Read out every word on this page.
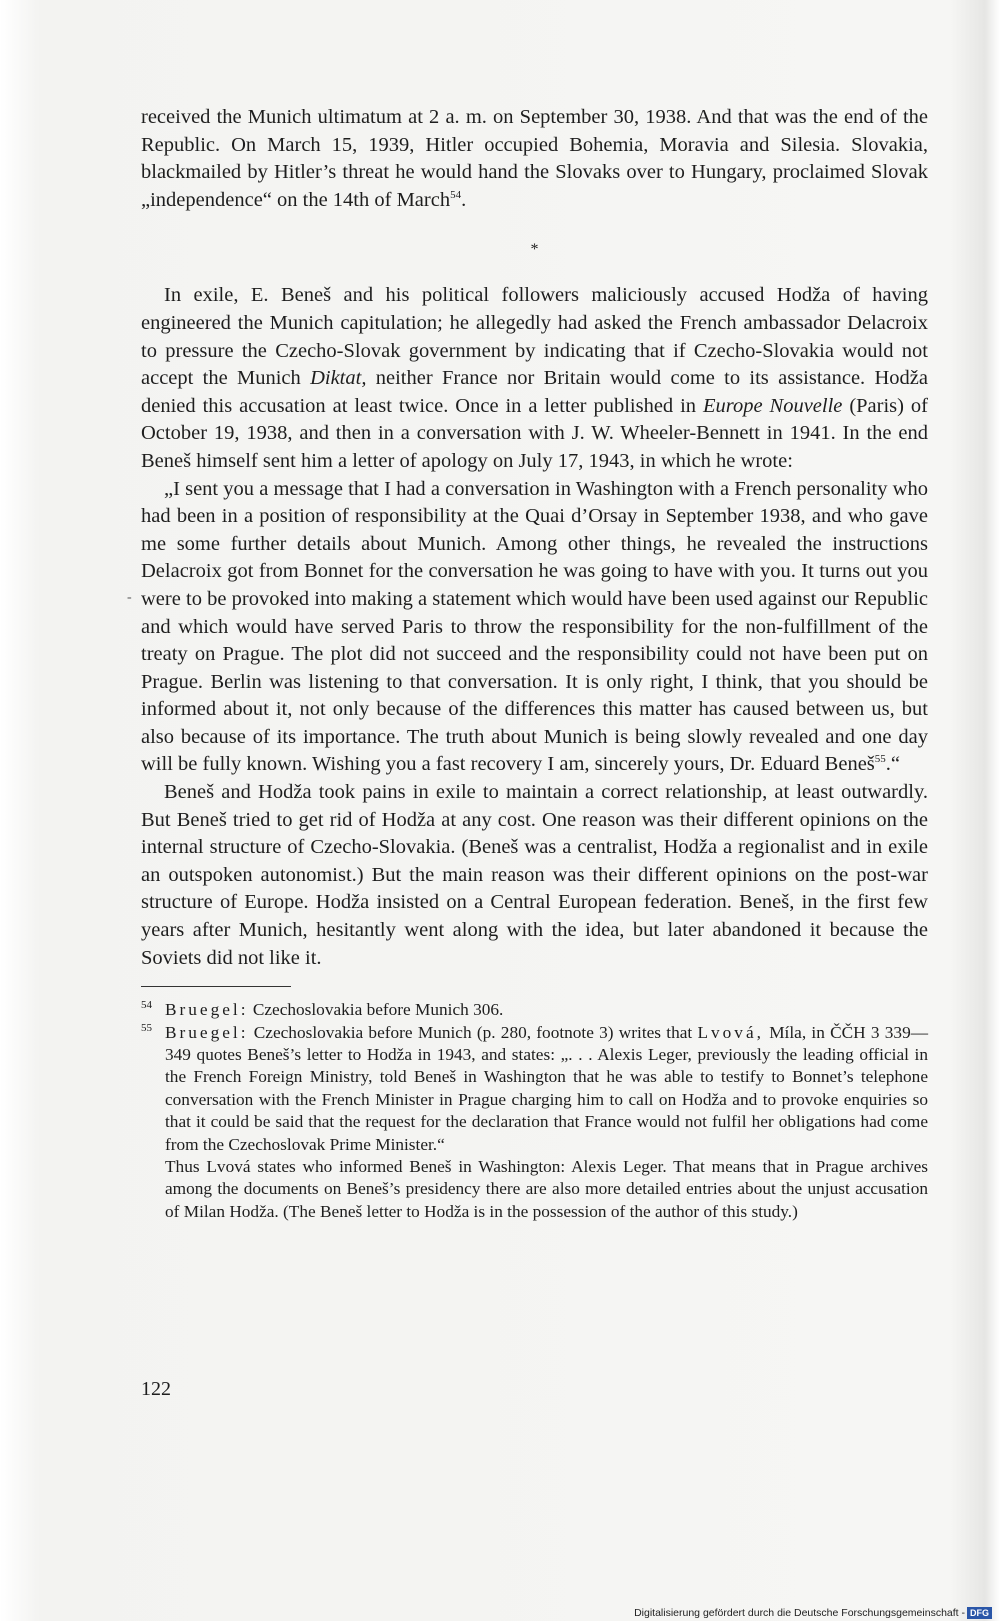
-

received the Munich ultimatum at 2 a. m. on September 30, 1938. And that was the end of the Republic. On March 15, 1939, Hitler occupied Bohemia, Moravia and Silesia. Slovakia, blackmailed by Hitler’s threat he would hand the Slovaks over to Hungary, proclaimed Slovak „independence“ on the 14th of March$^{54}$.

*

In exile, E. Beneš and his political followers maliciously accused Hodža of having engineered the Munich capitulation; he allegedly had asked the French ambassador Delacroix to pressure the Czecho-Slovak government by indicating that if Czecho-Slovakia would not accept the Munich Diktat, neither France nor Britain would come to its assistance. Hodža denied this accusation at least twice. Once in a letter published in Europe Nouvelle (Paris) of October 19, 1938, and then in a conversation with J. W. Wheeler-Bennett in 1941. In the end Beneš himself sent him a letter of apology on July 17, 1943, in which he wrote:

„I sent you a message that I had a conversation in Washington with a French personality who had been in a position of responsibility at the Quai d’Orsay in September 1938, and who gave me some further details about Munich. Among other things, he revealed the instructions Delacroix got from Bonnet for the conversation he was going to have with you. It turns out you were to be provoked into making a statement which would have been used against our Republic and which would have served Paris to throw the responsibility for the non-fulfillment of the treaty on Prague. The plot did not succeed and the responsibility could not have been put on Prague. Berlin was listening to that conversation. It is only right, I think, that you should be informed about it, not only because of the differences this matter has caused between us, but also because of its importance. The truth about Munich is being slowly revealed and one day will be fully known. Wishing you a fast recovery I am, sincerely yours, Dr. Eduard Beneš$^{55}$.“

Beneš and Hodža took pains in exile to maintain a correct relationship, at least outwardly. But Beneš tried to get rid of Hodža at any cost. One reason was their different opinions on the internal structure of Czecho-Slovakia. (Beneš was a centralist, Hodža a regionalist and in exile an outspoken autonomist.) But the main reason was their different opinions on the post-war structure of Europe. Hodža insisted on a Central European federation. Beneš, in the first few years after Munich, hesitantly went along with the idea, but later abandoned it because the Soviets did not like it.

$^{54}$ Bruegel: Czechoslovakia before Munich 306.

$^{55}$ Bruegel: Czechoslovakia before Munich (p. 280, footnote 3) writes that Lvová, Míla, in ČČH 3 339—349 quotes Beneš’s letter to Hodža in 1943, and states: „. . . Alexis Leger, previously the leading official in the French Foreign Ministry, told Beneš in Washington that he was able to testify to Bonnet’s telephone conversation with the French Minister in Prague charging him to call on Hodža and to provoke enquiries so that it could be said that the request for the declaration that France would not fulfil her obligations had come from the Czechoslovak Prime Minister.“

Thus Lvová states who informed Beneš in Washington: Alexis Leger. That means that in Prague archives among the documents on Beneš’s presidency there are also more detailed entries about the unjust accusation of Milan Hodža. (The Beneš letter to Hodža is in the possession of the author of this study.)

122
Digitalisierung gefördert durch die Deutsche Forschungsgemeinschaft - DFG
